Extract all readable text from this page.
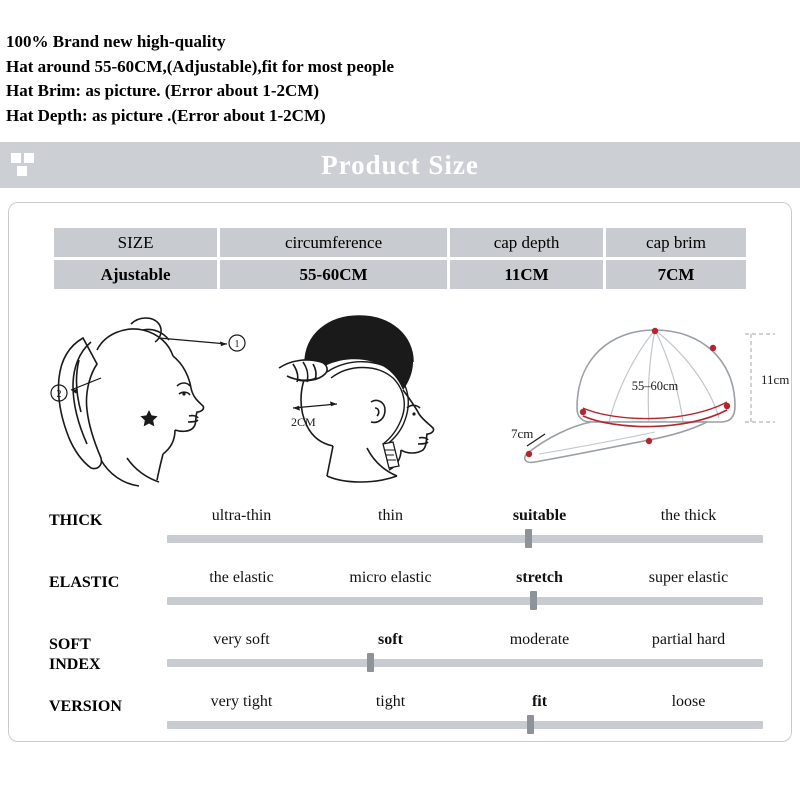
100% Brand new high-quality
Hat around 55-60CM,(Adjustable),fit for most people
Hat Brim: as picture. (Error about 1-2CM)
Hat Depth: as picture .(Error about 1-2CM)
Product Size
SIZE	circumference	cap depth	cap brim
Ajustable	55-60CM	11CM	7CM
1
2
2CM
55–60cm
7cm
11cm
THICK	ultra-thin	thin	suitable	the thick
ELASTIC	the elastic	micro elastic	stretch	super elastic
SOFT
INDEX
very soft	soft	moderate	partial hard
VERSION	very tight	tight	fit	loose
